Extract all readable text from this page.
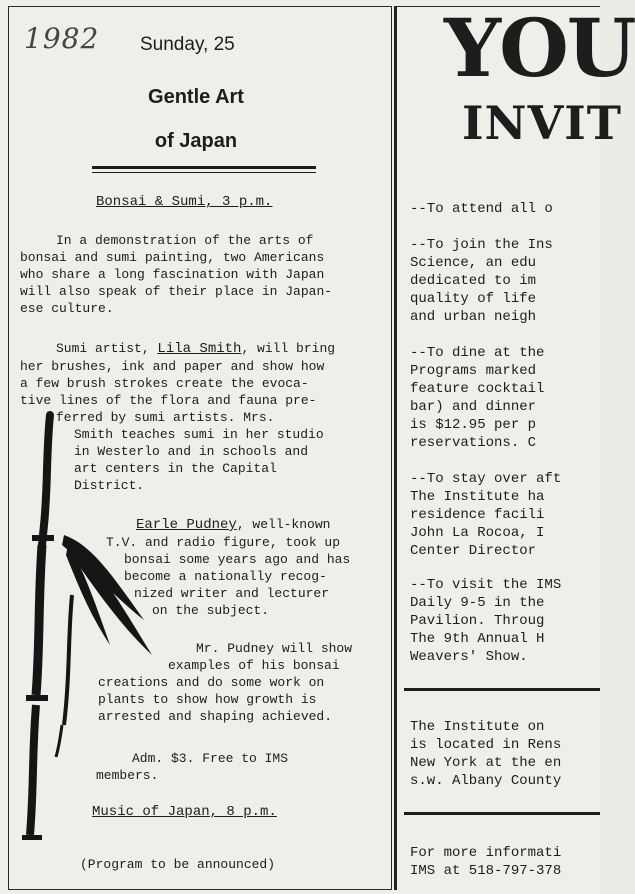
1982 Sunday, 25
Gentle Art
of Japan
Bonsai & Sumi, 3 p.m.
In a demonstration of the arts of
bonsai and sumi painting, two Americans
who share a long fascination with Japan
will also speak of their place in Japan-
ese culture.
Sumi artist, Lila Smith, will bring
her brushes, ink and paper and show how
a few brush strokes create the evoca-
tive lines of the flora and fauna pre-
ferred by sumi artists. Mrs.
Smith teaches sumi in her studio
in Westerlo and in schools and
art centers in the Capital
District.
Earle Pudney, well-known
T.V. and radio figure, took up
bonsai some years ago and has
become a nationally recog-
nized writer and lecturer
on the subject.
Mr. Pudney will show
examples of his bonsai
creations and do some work on
plants to show how growth is
arrested and shaping achieved.
Adm. $3. Free to IMS
members.
Music of Japan, 8 p.m.
(Program to be announced)
YOU
INVIT
--To attend all o
--To join the Ins
Science, an edu
dedicated to im
quality of life
and urban neigh
--To dine at the
Programs marked
feature cocktail
bar) and dinner
is $12.95 per p
reservations. C
--To stay over aft
The Institute ha
residence facili
John La Rocoa, I
Center Director
--To visit the IMS
Daily 9-5 in the
Pavilion. Throug
The 9th Annual H
Weavers' Show.
The Institute on
is located in Rens
New York at the en
s.w. Albany County
For more informati
IMS at 518-797-378
